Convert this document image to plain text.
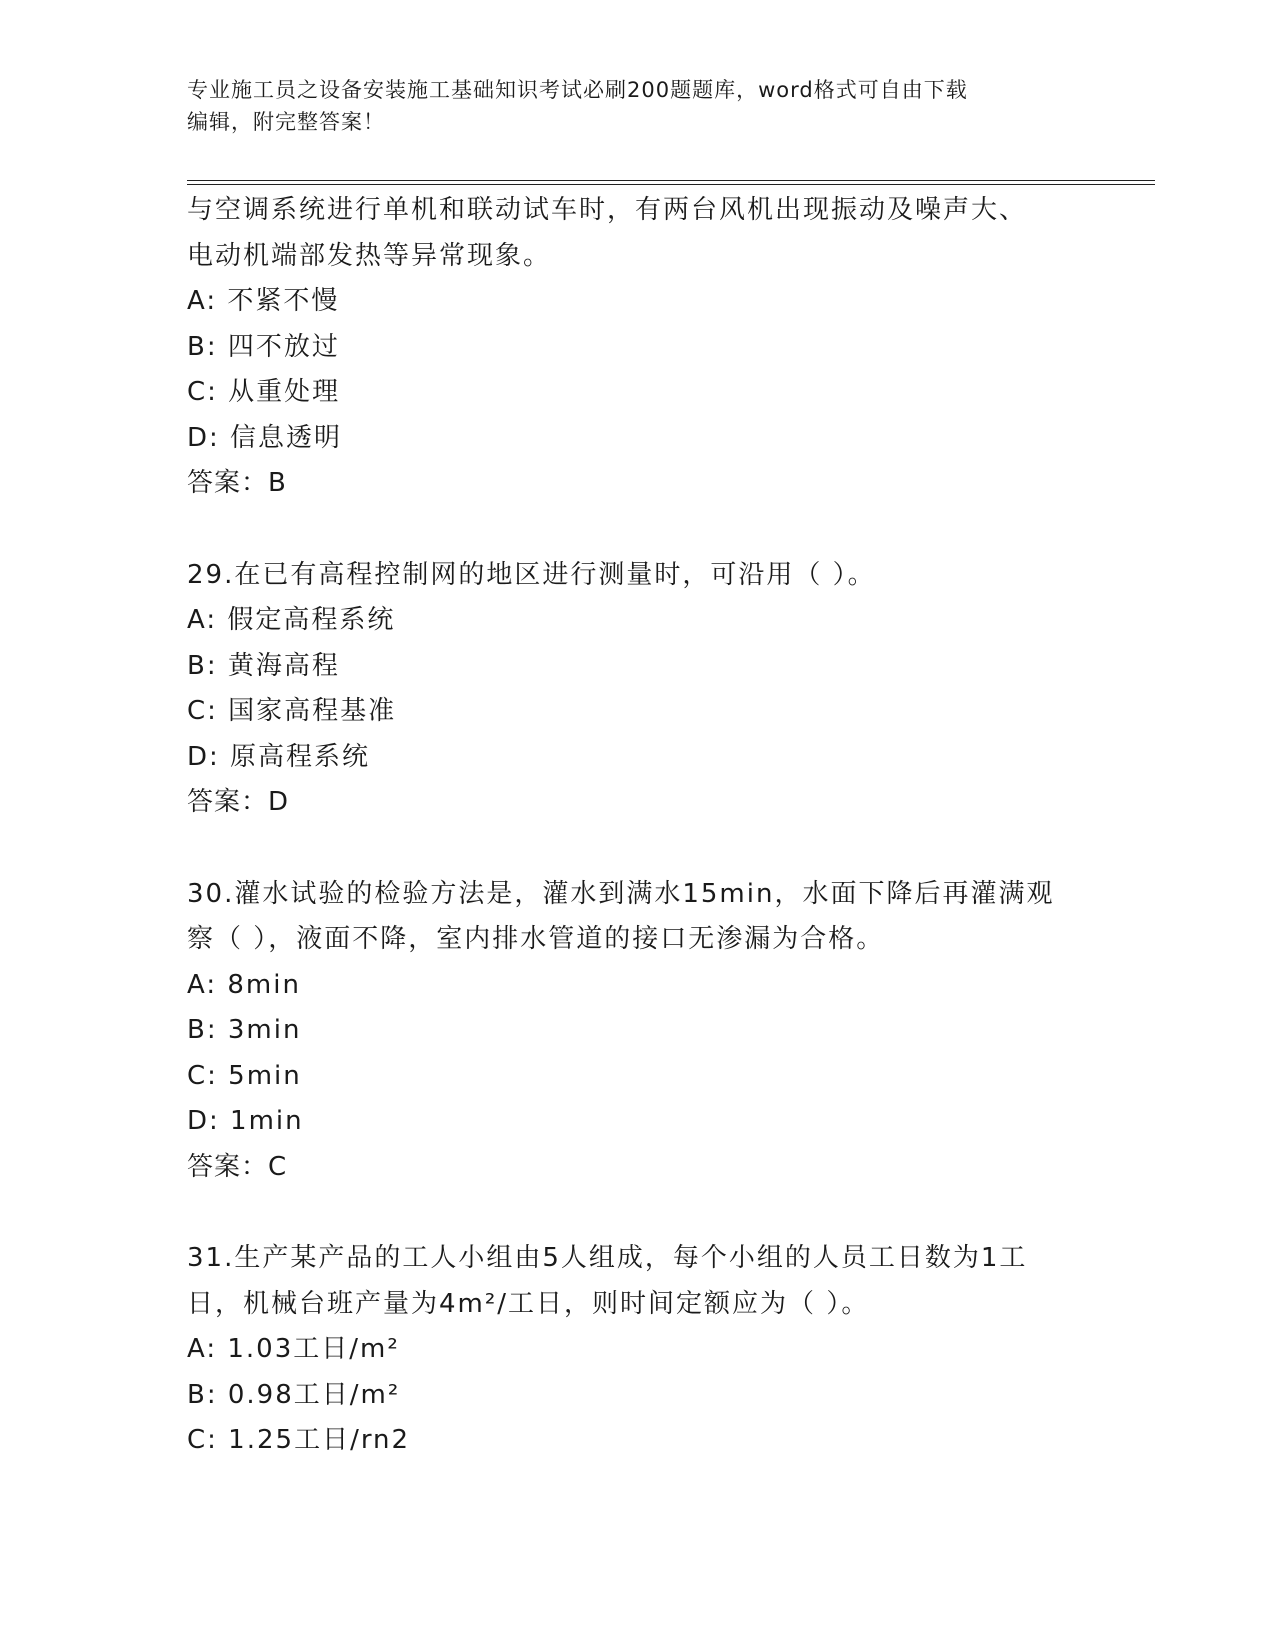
专业施工员之设备安装施工基础知识考试必刷200题题库，word格式可自由下载
编辑，附完整答案！
与空调系统进行单机和联动试车时，有两台风机出现振动及噪声大、
电动机端部发热等异常现象。
A: 不紧不慢
B: 四不放过
C: 从重处理
D: 信息透明
答案：B
29.在已有高程控制网的地区进行测量时，可沿用（ ）。
A: 假定高程系统
B: 黄海高程
C: 国家高程基准
D: 原高程系统
答案：D
30.灌水试验的检验方法是，灌水到满水15min，水面下降后再灌满观
察（ ），液面不降，室内排水管道的接口无渗漏为合格。
A: 8min
B: 3min
C: 5min
D: 1min
答案：C
31.生产某产品的工人小组由5人组成，每个小组的人员工日数为1工
日，机械台班产量为4m²/工日，则时间定额应为（ ）。
A: 1.03工日/m²
B: 0.98工日/m²
C: 1.25工日/rn2
